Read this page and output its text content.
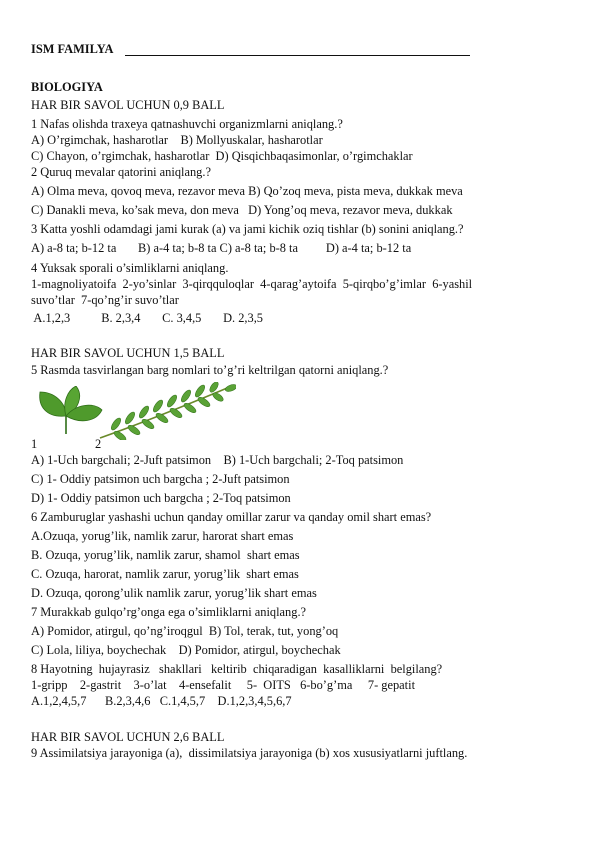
ISM FAMILYA
BIOLOGIYA
HAR BIR SAVOL UCHUN 0,9 BALL
1 Nafas olishda traxeya qatnashuvchi organizmlarni aniqlang.?
A) O’rgimchak, hasharotlar    B) Mollyuskalar, hasharotlar
C) Chayon, o’rgimchak, hasharotlar  D) Qisqichbaqasimonlar, o’rgimchaklar
2 Quruq mevalar qatorini aniqlang.?
A) Olma meva, qovoq meva, rezavor meva B) Qo’zoq meva, pista meva, dukkak meva
C) Danakli meva, ko’sak meva, don meva   D) Yong’oq meva, rezavor meva, dukkak
3 Kattа yoshli odamdagi jami kurak (a) va jami kichik oziq tishlar (b) sonini aniqlang.?
A) a-8 ta; b-12 ta       B) a-4 ta; b-8 ta C) a-8 ta; b-8 ta         D) a-4 ta; b-12 ta
4 Yuksak sporali o’simliklarni aniqlang.
1-magnoliyatoifa  2-yo’sinlar  3-qirqquloqlar  4-qarag’aytoifa  5-qirqbo’g’imlar  6-yashil
suvo’tlar  7-qo’ng’ir suvo’tlar
A.1,2,3          B. 2,3,4       C. 3,4,5       D. 2,3,5
HAR BIR SAVOL UCHUN 1,5 BALL
5 Rasmda tasvirlangan barg nomlari to’g’ri keltrilgan qatorni aniqlang.?
1	2
A) 1-Uch bargchali; 2-Juft patsimon    B) 1-Uch bargchali; 2-Toq patsimon
C) 1- Oddiy patsimon uch bargcha ; 2-Juft patsimon
D) 1- Oddiy patsimon uch bargcha ; 2-Toq patsimon
6 Zamburuglar yashashi uchun qanday omillar zarur va qanday omil shart emas?
A.Ozuqa, yorug’lik, namlik zarur, harorat shart emas
B. Ozuqa, yorug’lik, namlik zarur, shamol  shart emas
C. Ozuqa, harorat, namlik zarur, yorug’lik  shart emas
D. Ozuqa, qorong’ulik namlik zarur, yorug’lik shart emas
7 Murakkab gulqo’rg’onga ega o’simliklarni aniqlang.?
A) Pomidor, atirgul, qo’ng’iroqgul  B) Tol, terak, tut, yong’oq
C) Lola, liliya, boychechak    D) Pomidor, atirgul, boychechak
8 Hayotning  hujayrasiz   shakllari   keltirib  chiqaradigan  kasalliklarni  belgilang?
1-gripp    2-gastrit    3-o’lat    4-ensefalit     5-  OITS   6-bo’g’ma     7- gepatit
A.1,2,4,5,7      B.2,3,4,6   C.1,4,5,7    D.1,2,3,4,5,6,7
HAR BIR SAVOL UCHUN 2,6 BALL
9 Assimilatsiya jarayoniga (a),  dissimilatsiya jarayoniga (b) xos xususiyatlarni juftlang.
